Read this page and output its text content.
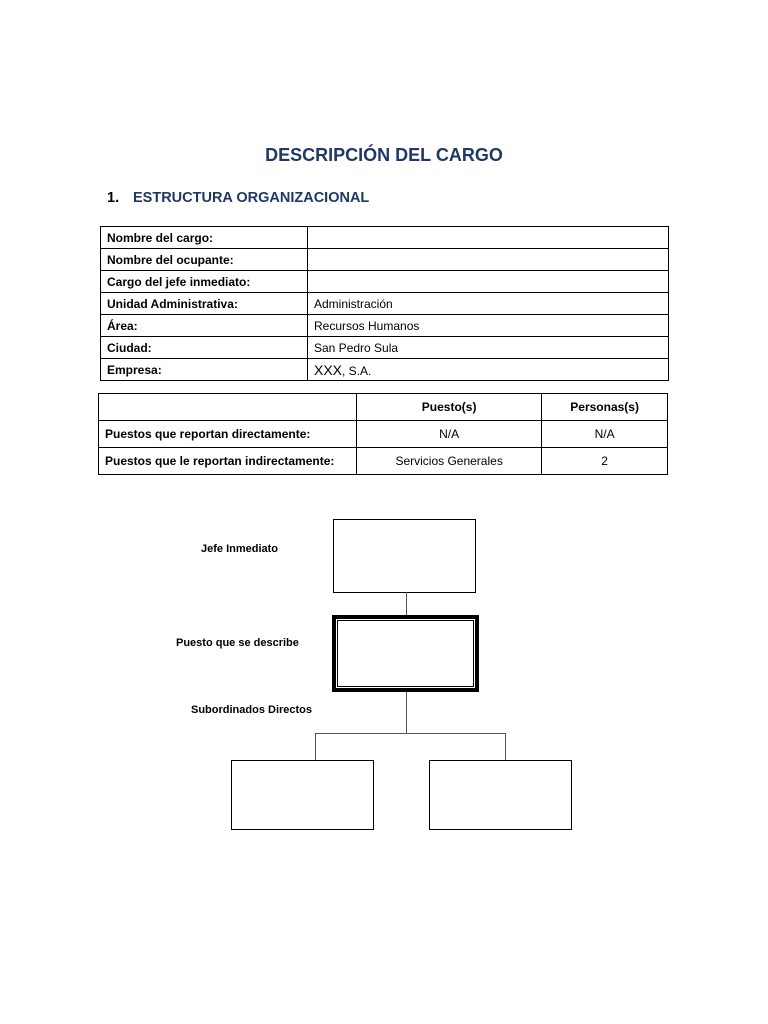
DESCRIPCIÓN DEL CARGO
1. ESTRUCTURA ORGANIZACIONAL
Nombre del cargo:	
Nombre del ocupante:	
Cargo del jefe inmediato:	
Unidad Administrativa:	Administración
Área:	Recursos Humanos
Ciudad:	San Pedro Sula
Empresa:	XXX, S.A.
	Puesto(s)	Personas(s)
Puestos que reportan directamente:	N/A	N/A
Puestos que le reportan indirectamente:	Servicios Generales	2
Jefe Inmediato
Puesto que se describe
Subordinados Directos
